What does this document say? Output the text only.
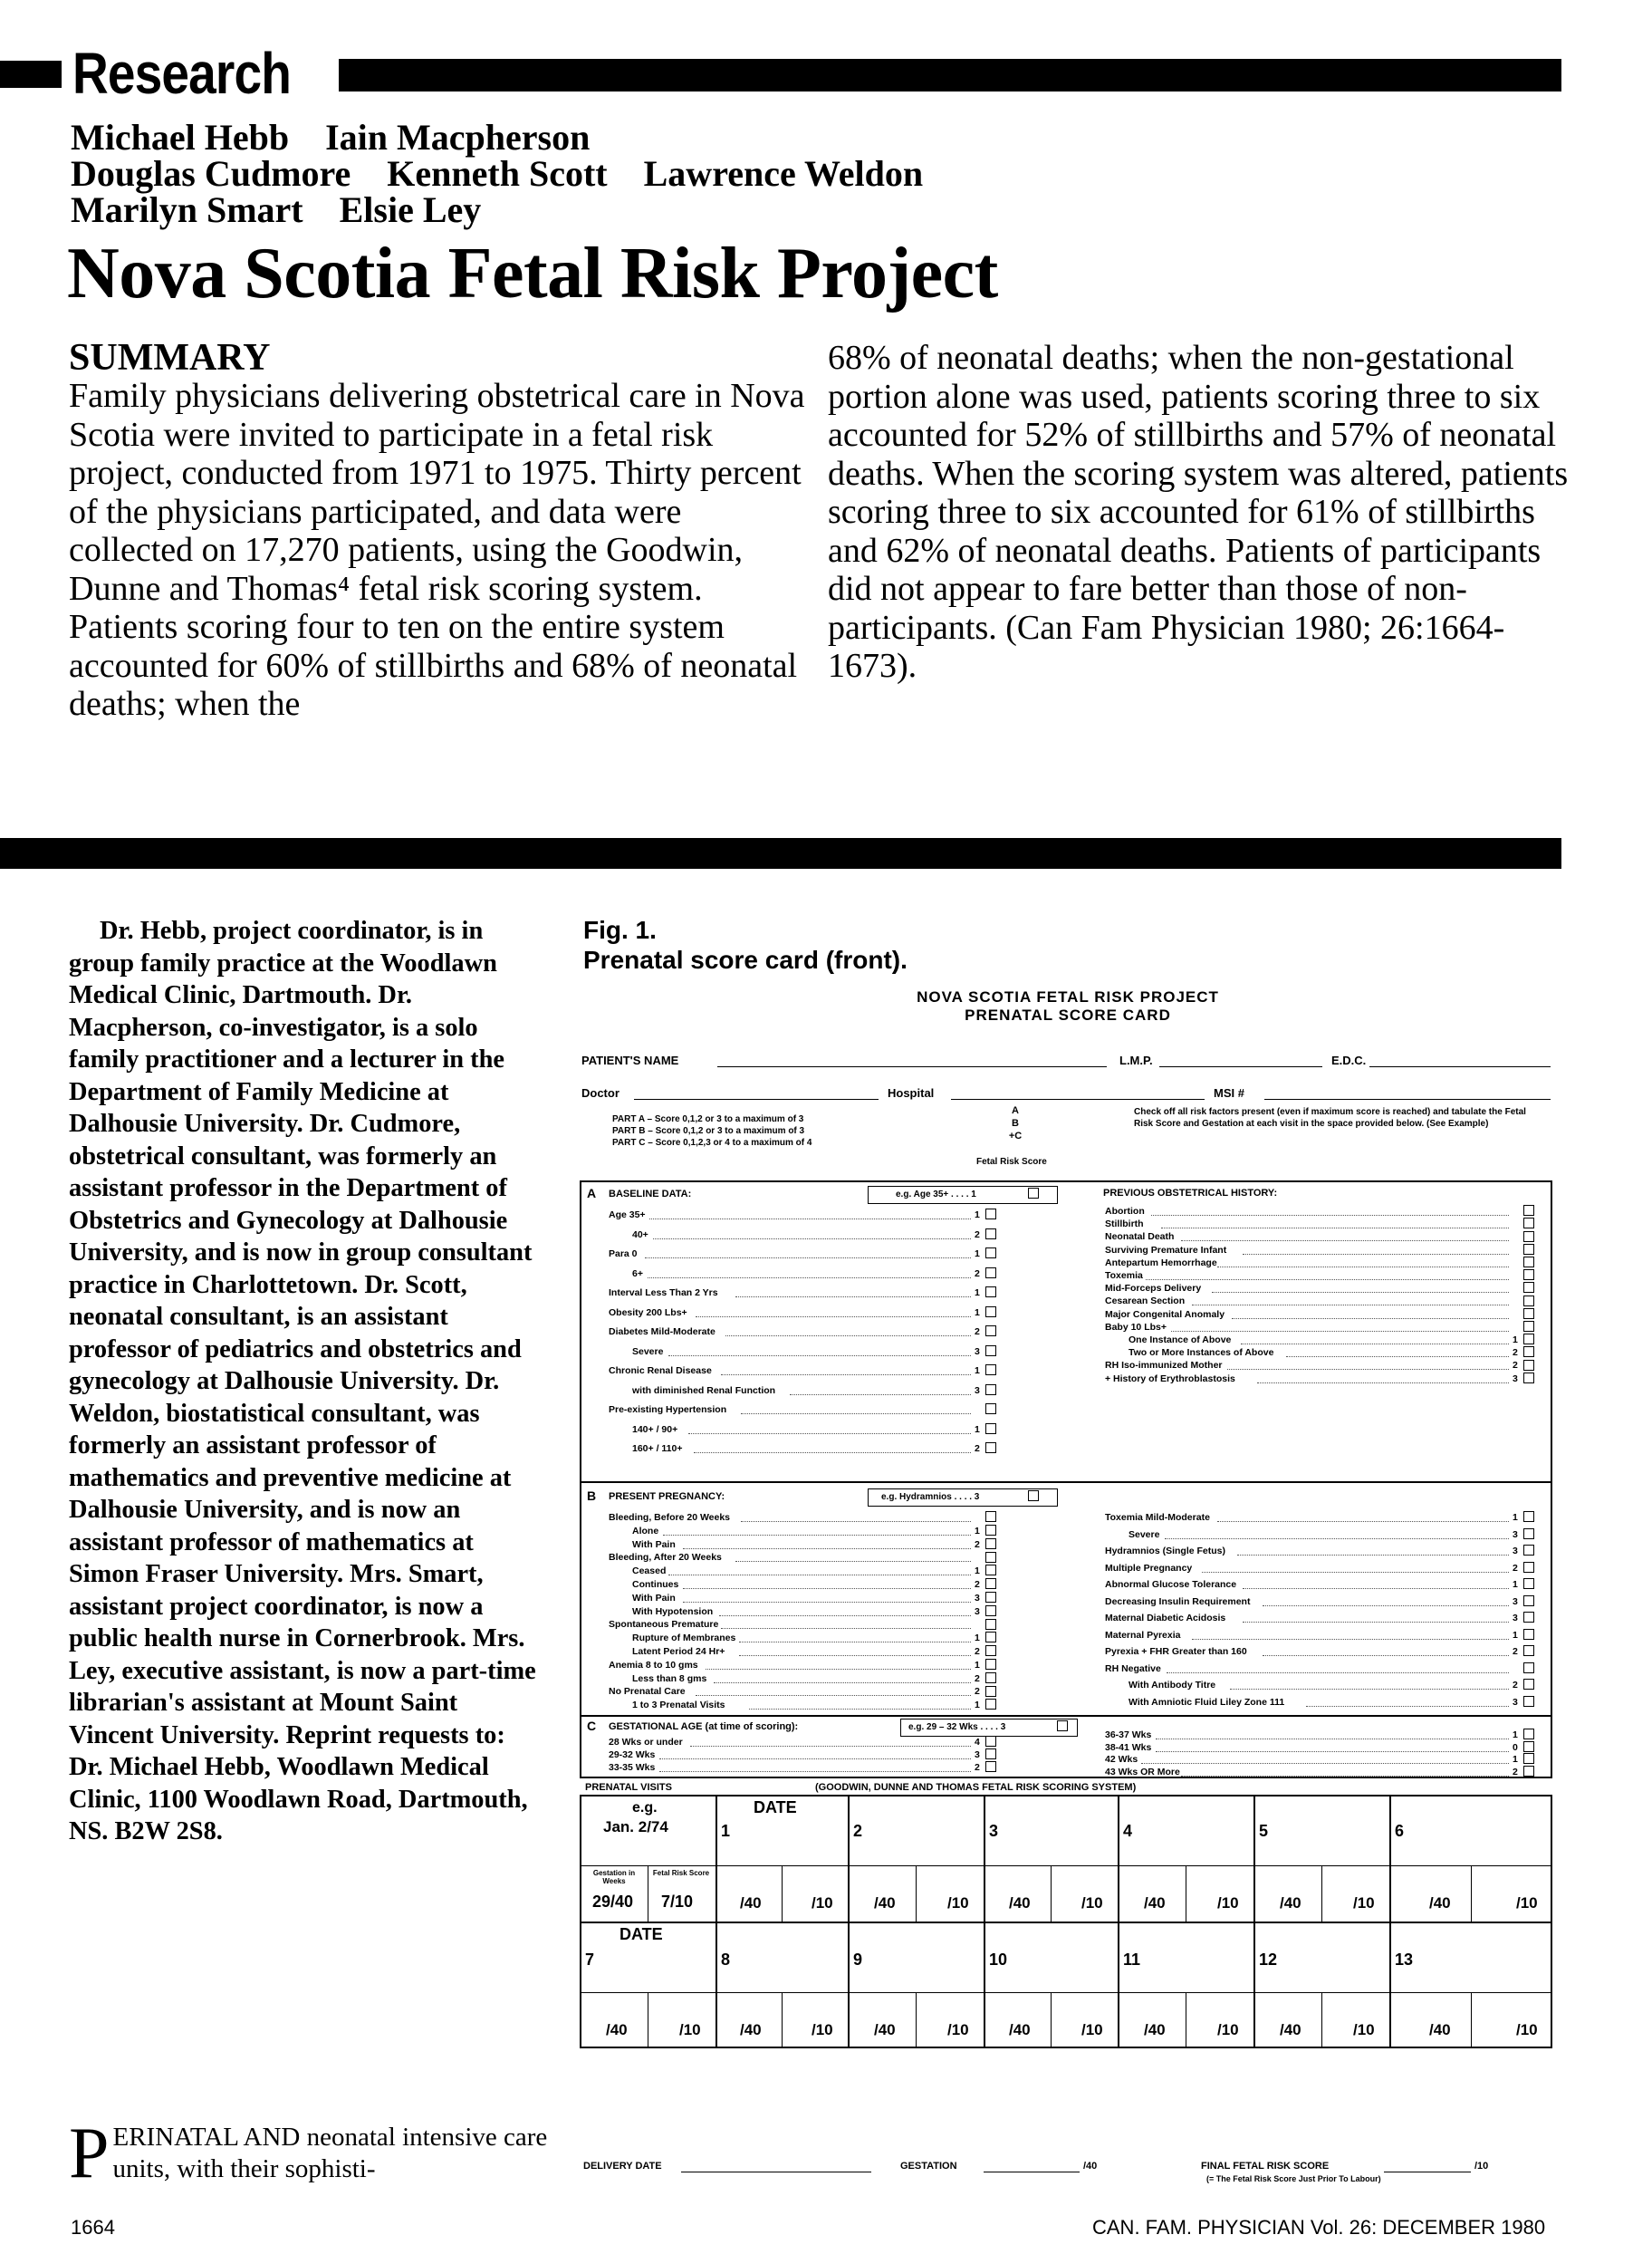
Research
Michael Hebb Iain Macpherson
Douglas Cudmore Kenneth Scott Lawrence Weldon
Marilyn Smart Elsie Ley
Nova Scotia Fetal Risk Project
SUMMARY
Family physicians delivering obstetrical care in Nova Scotia were invited to participate in a fetal risk project, conducted from 1971 to 1975. Thirty percent of the physicians participated, and data were collected on 17,270 patients, using the Goodwin, Dunne and Thomas⁴ fetal risk scoring system. Patients scoring four to ten on the entire system accounted for 60% of stillbirths and 68% of neonatal deaths; when the
68% of neonatal deaths; when the non-gestational portion alone was used, patients scoring three to six accounted for 52% of stillbirths and 57% of neonatal deaths. When the scoring system was altered, patients scoring three to six accounted for 61% of stillbirths and 62% of neonatal deaths. Patients of participants did not appear to fare better than those of non-participants. (Can Fam Physician 1980; 26:1664-1673).
Dr. Hebb, project coordinator, is in group family practice at the Woodlawn Medical Clinic, Dartmouth. Dr. Macpherson, co-investigator, is a solo family practitioner and a lecturer in the Department of Family Medicine at Dalhousie University. Dr. Cudmore, obstetrical consultant, was formerly an assistant professor in the Department of Obstetrics and Gynecology at Dalhousie University, and is now in group consultant practice in Charlottetown. Dr. Scott, neonatal consultant, is an assistant professor of pediatrics and obstetrics and gynecology at Dalhousie University. Dr. Weldon, biostatistical consultant, was formerly an assistant professor of mathematics and preventive medicine at Dalhousie University, and is now an assistant professor of mathematics at Simon Fraser University. Mrs. Smart, assistant project coordinator, is now a public health nurse in Cornerbrook. Mrs. Ley, executive assistant, is now a part-time librarian's assistant at Mount Saint Vincent University. Reprint requests to: Dr. Michael Hebb, Woodlawn Medical Clinic, 1100 Woodlawn Road, Dartmouth, NS. B2W 2S8.
PERINATAL AND neonatal intensive care units, with their sophisti-
Fig. 1.
Prenatal score card (front).
NOVA SCOTIA FETAL RISK PROJECT
PRENATAL SCORE CARD
PATIENT'S NAME	L.M.P.	E.D.C.
Doctor	Hospital	MSI #
PART A – Score 0,1,2 or 3 to a maximum of 3
PART B – Score 0,1,2 or 3 to a maximum of 3
PART C – Score 0,1,2,3 or 4 to a maximum of 4
A
B
+C
Fetal Risk Score
Check off all risk factors present (even if maximum score is reached) and tabulate the Fetal Risk Score and Gestation at each visit in the space provided below. (See Example)
A BASELINE DATA:	e.g. Age 35+ . . . . 1	PREVIOUS OBSTETRICAL HISTORY:
Age 35+	1
40+	2
Para 0	1
6+	2
Interval Less Than 2 Yrs	1
Obesity 200 Lbs+	1
Diabetes Mild-Moderate	2
Severe	3
Chronic Renal Disease	1
with diminished Renal Function	3
Pre-existing Hypertension
140+ / 90+	1
160+ / 110+	2
Abortion
Stillbirth
Neonatal Death
Surviving Premature Infant
Antepartum Hemorrhage
Toxemia
Mid-Forceps Delivery
Cesarean Section
Major Congenital Anomaly
Baby 10 Lbs+
One Instance of Above	1
Two or More Instances of Above	2
RH Iso-immunized Mother	2
+ History of Erythroblastosis	3
B PRESENT PREGNANCY:	e.g. Hydramnios . . . . 3
Bleeding, Before 20 Weeks
Alone	1
With Pain	2
Bleeding, After 20 Weeks
Ceased	1
Continues	2
With Pain	3
With Hypotension	3
Spontaneous Premature
Rupture of Membranes	1
Latent Period 24 Hr+	2
Anemia 8 to 10 gms	1
Less than 8 gms	2
No Prenatal Care	2
1 to 3 Prenatal Visits	1
Toxemia Mild-Moderate	1
Severe	3
Hydramnios (Single Fetus)	3
Multiple Pregnancy	2
Abnormal Glucose Tolerance	1
Decreasing Insulin Requirement	3
Maternal Diabetic Acidosis	3
Maternal Pyrexia	1
Pyrexia + FHR Greater than 160	2
RH Negative
With Antibody Titre	2
With Amniotic Fluid Liley Zone 111	3
C GESTATIONAL AGE (at time of scoring):	e.g. 29 – 32 Wks . . . . 3
28 Wks or under	4
29-32 Wks	3
33-35 Wks	2
36-37 Wks	1
38-41 Wks	0
42 Wks	1
43 Wks OR More	2
PRENATAL VISITS	(GOODWIN, DUNNE AND THOMAS FETAL RISK SCORING SYSTEM)
e.g.
Jan. 2/74
DATE
Gestation in Weeks
Fetal Risk Score
29/40 7/10
1	2	3	4	5	6
DATE
7	8	9	10	11	12	13
/40	/10	/40	/10	/40	/10	/40	/10	/40	/10	/40	/10
/40	/10	/40	/10	/40	/10	/40	/10	/40	/10	/40	/10	/40	/10
DELIVERY DATE	GESTATION	/40	FINAL FETAL RISK SCORE	/10
(= The Fetal Risk Score Just Prior To Labour)
1664	CAN. FAM. PHYSICIAN Vol. 26: DECEMBER 1980
